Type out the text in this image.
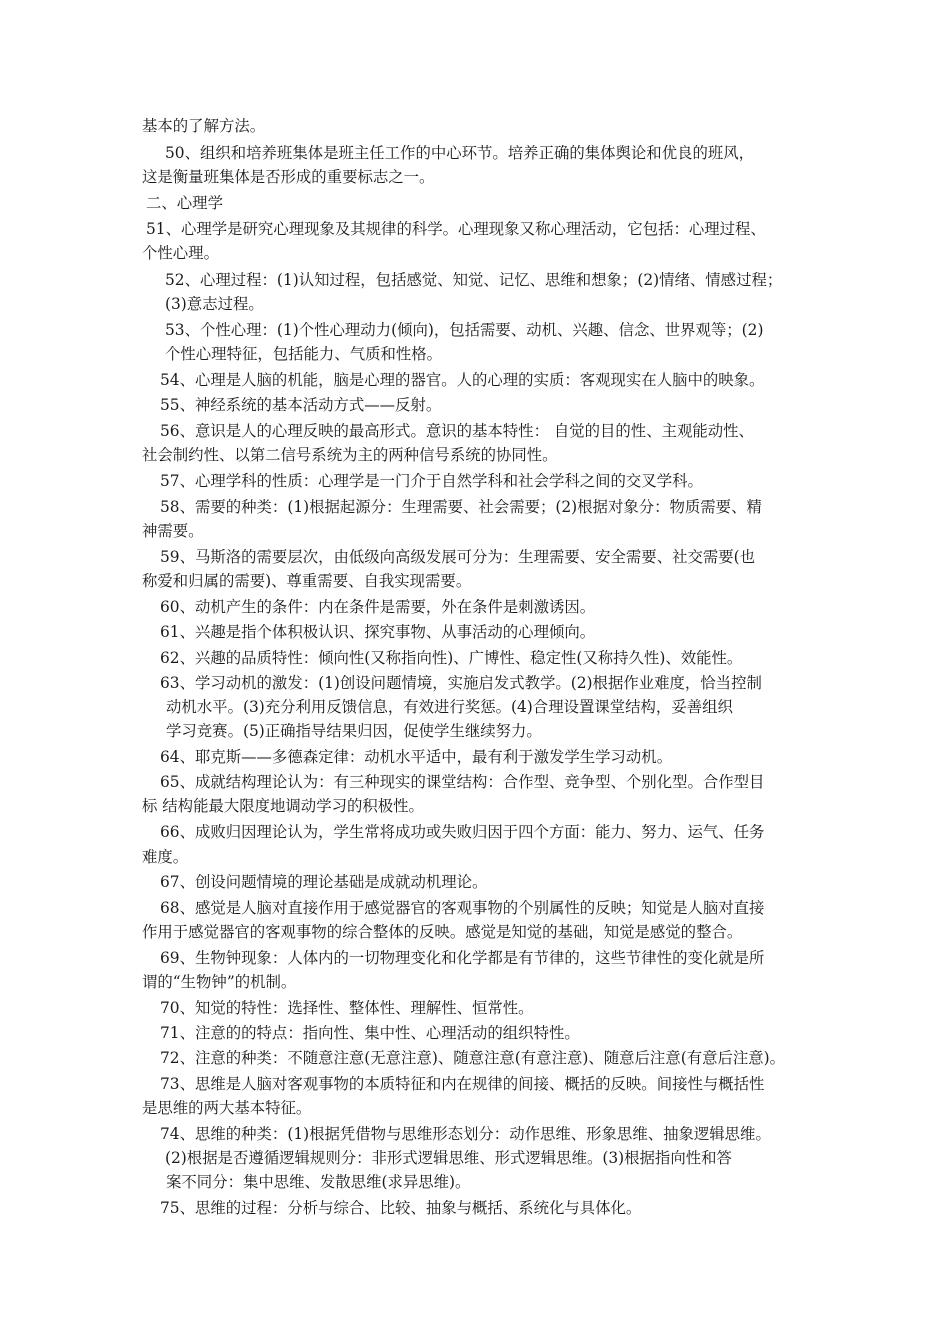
基本的了解方法。
50、组织和培养班集体是班主任工作的中心环节。培养正确的集体舆论和优良的班风，
这是衡量班集体是否形成的重要标志之一。
二、心理学
51、心理学是研究心理现象及其规律的科学。心理现象又称心理活动，它包括：心理过程、
个性心理。
52、心理过程：(1)认知过程，包括感觉、知觉、记忆、思维和想象；(2)情绪、情感过程；
(3)意志过程。
53、个性心理：(1)个性心理动力(倾向)，包括需要、动机、兴趣、信念、世界观等；(2)
个性心理特征，包括能力、气质和性格。
54、心理是人脑的机能，脑是心理的器官。人的心理的实质：客观现实在人脑中的映象。
55、神经系统的基本活动方式——反射。
56、意识是人的心理反映的最高形式。意识的基本特性： 自觉的目的性、主观能动性、
社会制约性、以第二信号系统为主的两种信号系统的协同性。
57、心理学科的性质：心理学是一门介于自然学科和社会学科之间的交叉学科。
58、需要的种类：(1)根据起源分：生理需要、社会需要；(2)根据对象分：物质需要、精
神需要。
59、马斯洛的需要层次，由低级向高级发展可分为：生理需要、安全需要、社交需要(也
称爱和归属的需要)、尊重需要、自我实现需要。
60、动机产生的条件：内在条件是需要，外在条件是刺激诱因。
61、兴趣是指个体积极认识、探究事物、从事活动的心理倾向。
62、兴趣的品质特性：倾向性(又称指向性)、广博性、稳定性(又称持久性)、效能性。
63、学习动机的激发：(1)创设问题情境，实施启发式教学。(2)根据作业难度，恰当控制
动机水平。(3)充分利用反馈信息，有效进行奖惩。(4)合理设置课堂结构，妥善组织
学习竞赛。(5)正确指导结果归因，促使学生继续努力。
64、耶克斯——多德森定律：动机水平适中，最有利于激发学生学习动机。
65、成就结构理论认为：有三种现实的课堂结构：合作型、竞争型、个别化型。合作型目
标 结构能最大限度地调动学习的积极性。
66、成败归因理论认为，学生常将成功或失败归因于四个方面：能力、努力、运气、任务
难度。
67、创设问题情境的理论基础是成就动机理论。
68、感觉是人脑对直接作用于感觉器官的客观事物的个别属性的反映；知觉是人脑对直接
作用于感觉器官的客观事物的综合整体的反映。感觉是知觉的基础，知觉是感觉的整合。
69、生物钟现象：人体内的一切物理变化和化学都是有节律的，这些节律性的变化就是所
谓的“生物钟”的机制。
70、知觉的特性：选择性、整体性、理解性、恒常性。
71、注意的的特点：指向性、集中性、心理活动的组织特性。
72、注意的种类：不随意注意(无意注意)、随意注意(有意注意)、随意后注意(有意后注意)。
73、思维是人脑对客观事物的本质特征和内在规律的间接、概括的反映。间接性与概括性
是思维的两大基本特征。
74、思维的种类：(1)根据凭借物与思维形态划分：动作思维、形象思维、抽象逻辑思维。
(2)根据是否遵循逻辑规则分：非形式逻辑思维、形式逻辑思维。(3)根据指向性和答
案不同分：集中思维、发散思维(求异思维)。
75、思维的过程：分析与综合、比较、抽象与概括、系统化与具体化。
